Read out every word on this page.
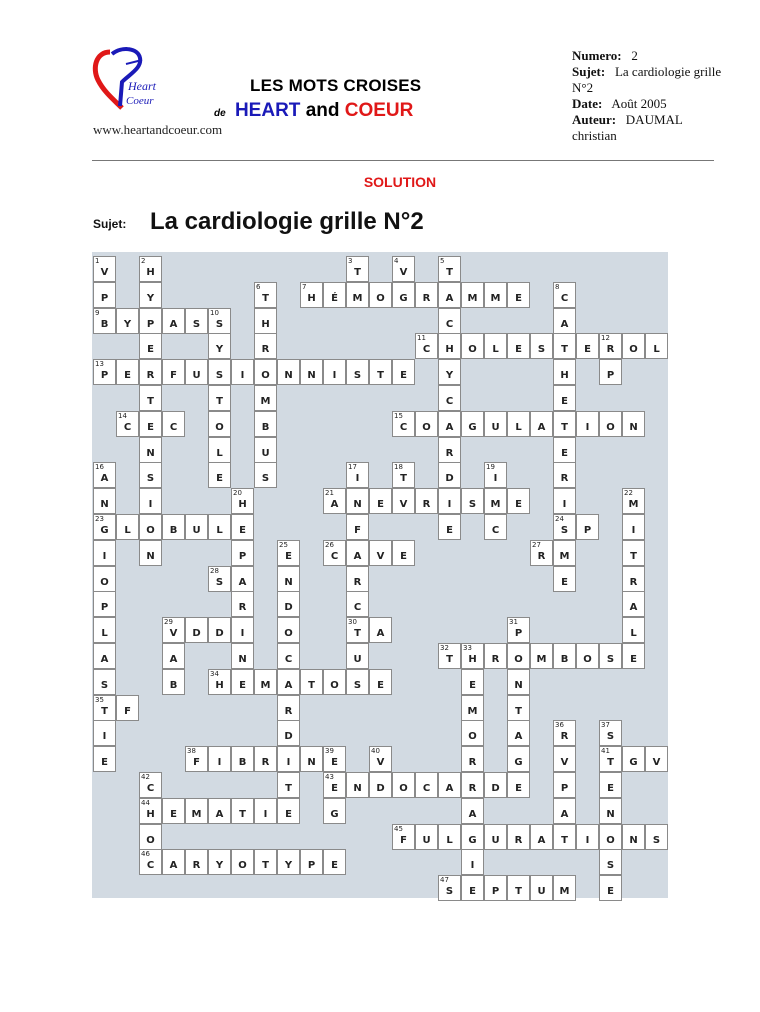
Heart
Coeur
LES MOTS CROISES
de HEART and COEUR
www.heartandcoeur.com
Numero: 2
Sujet: La cardiologie grille N°2
Date: Août 2005
Auteur: DAUMAL christian
SOLUTION
Sujet: La cardiologie grille N°2
1
V
2
H
3
T
4
V
5
T
P	Y
6
T
7
H	É	M	O	G	R	A	M	M	E
8
C
9
B	Y	P	A	S
10
S	H	C	A
E	Y	R
11
C	H	O	L	E	S	T	E
12
R	O	L
13
P	E	R	F	U	S	I	O	N	N	I	S	T	E	Y	H	P
T	T	M	C	E
14
C	E	C	O	B
15
C	O	A	G	U	L	A	T	I	O	N
N	L	U	R	E
16
A	S	E	S
17
I
18
T	D
19
I	R
N	I
20
H
21
A	N	E	V	R	I	S	M	E	I
22
M
23
G	L	O	B	U	L	E	F	E	C
24
S	P	I
I	N	P
25
E
26
C	A	V	E
27
R	M	T
O
28
S	A	N	R	E	R
P	R	D	C	A
L
29
V	D	D	I	O
30
T	A
31
P	L
A	A	N	C	U
32
T
33
H	R	O	M	B	O	S	E
S	B
34
H	E	M	A	T	O	S	E	E	N
35
T	F	R	M	T
I	D	O	A
36
R
37
S
E
38
F	I	B	R	I	N
39
E
40
V	R	G	V
41
T	G	V
42
C	T
43
E	N	D	O	C	A	R	D	E	P	E
44
H	E	M	A	T	I	E	G	A	A	N
O
45
F	U	L	G	U	R	A	T	I	O	N	S
46
C	A	R	Y	O	T	Y	P	E	I	S
47
S	E	P	T	U	M	E
